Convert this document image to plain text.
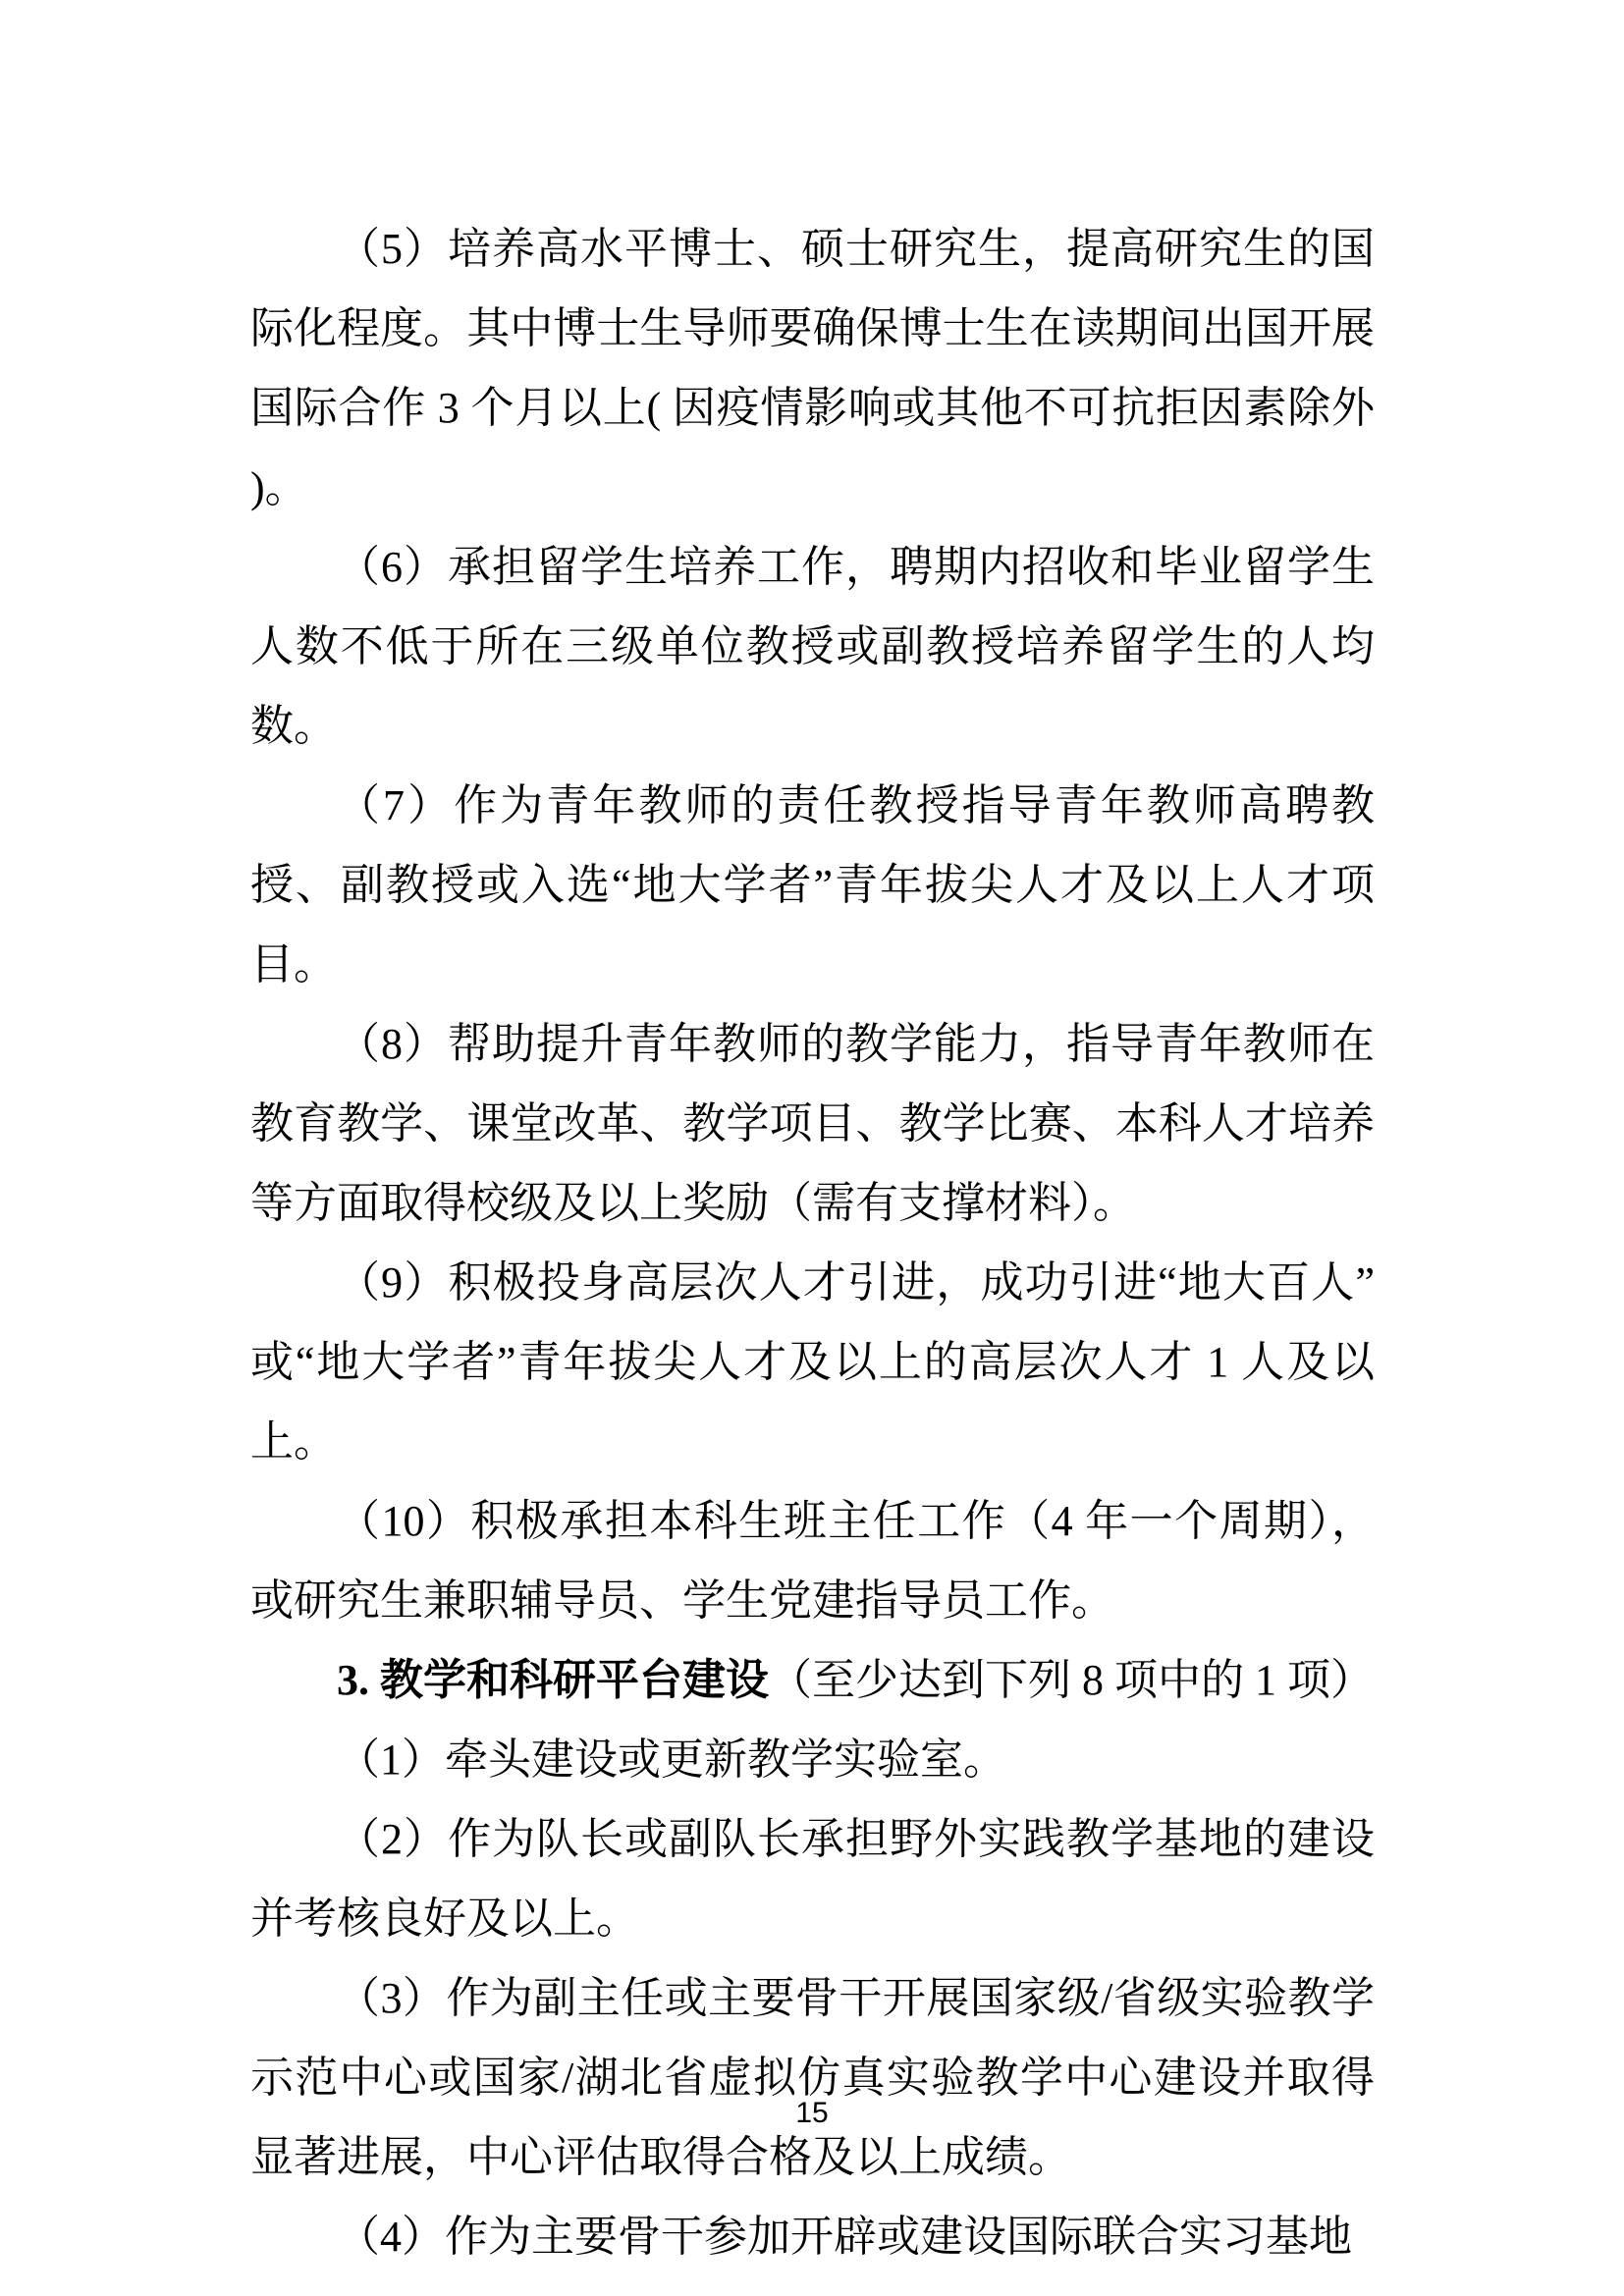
（5）培养高水平博士、硕士研究生，提高研究生的国际化程度。其中博士生导师要确保博士生在读期间出国开展国际合作 3 个月以上( 因疫情影响或其他不可抗拒因素除外 )。

（6）承担留学生培养工作，聘期内招收和毕业留学生人数不低于所在三级单位教授或副教授培养留学生的人均数。

（7）作为青年教师的责任教授指导青年教师高聘教授、副教授或入选“地大学者”青年拔尖人才及以上人才项目。

（8）帮助提升青年教师的教学能力，指导青年教师在教育教学、课堂改革、教学项目、教学比赛、本科人才培养等方面取得校级及以上奖励（需有支撑材料）。

（9）积极投身高层次人才引进，成功引进“地大百人”或“地大学者”青年拔尖人才及以上的高层次人才 1 人及以上。

（10）积极承担本科生班主任工作（4 年一个周期），或研究生兼职辅导员、学生党建指导员工作。

3. 教学和科研平台建设（至少达到下列 8 项中的 1 项）

（1）牵头建设或更新教学实验室。

（2）作为队长或副队长承担野外实践教学基地的建设并考核良好及以上。

（3）作为副主任或主要骨干开展国家级/省级实验教学示范中心或国家/湖北省虚拟仿真实验教学中心建设并取得显著进展，中心评估取得合格及以上成绩。

（4）作为主要骨干参加开辟或建设国际联合实习基地

15
